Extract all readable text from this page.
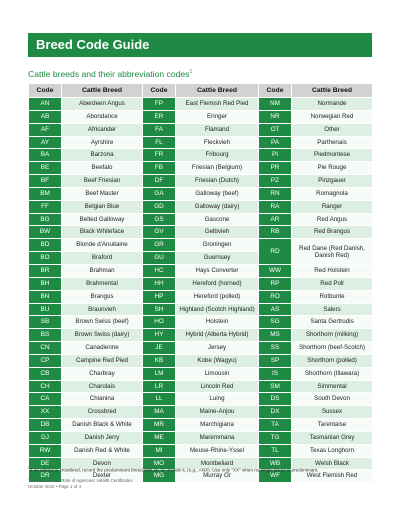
Breed Code Guide
Cattle breeds and their abbreviation codes$^1$
Code	Cattle Breed	Code	Cattle Breed	Code	Cattle Breed
AN	Aberdeen Angus	FP	East Flemish Red Pied	NM	Normande
AB	Abondance	ER	Eringer	NR	Norwegian Red
AF	Africander	FA	Flamand	OT	Other
AY	Ayrshire	FL	Fleckvieh	PA	Parthenais
BA	Barzona	FR	Fribourg	PI	Piedmontese
BE	Beefalo	FB	Friesian (Belgium)	PR	Pie Rouge
BF	Beef Friesian	DF	Friesian (Dutch)	PZ	Pinzgauer
BM	Beef Master	GA	Galloway (beef)	RN	Romagnola
FF	Belgian Blue	GD	Galloway (dairy)	RA	Ranger
BG	Belted Galloway	GS	Gascone	AR	Red Angus
BW	Black Whiteface	GV	Gelbvieh	RB	Red Brangus
BD	Blonde d'Anuitaine	GR	Groningen	RD	Red Dane (Red Danish, Danish Red)
BO	Braford	GU	Guernsey		
BR	Brahman	HC	Hays Converter	WW	Red Holstein
BH	Brahmental	HH	Hereford (horned)	RP	Red Poll
BN	Brangus	HP	Hereford (polled)	RO	Rotbunte
BU	Braunvieh	SH	Highland (Scotch Highland)	AS	Salers
SB	Brown Swiss (beef)	HO	Holstein	SG	Santa Gertrudis
BS	Brown Swiss (dairy)	HY	Hybrid (Alberta Hybrid)	MS	Shorthorn (milking)
CN	Canadienne	JE	Jersey	SS	Shorthorn (beef-Scotch)
CP	Campine Red Pied	KB	Kobe (Wagyu)	SP	Shorthorn (polled)
CB	Charbray	LM	Limousin	IS	Shorthorn (Illawara)
CH	Charolais	LR	Lincoln Red	SM	Simmental
CA	Chianina	LL	Luing	DS	South Devon
XX	Crossbred	MA	Maine-Anjou	DX	Sussex
DB	Danish Black & White	MR	Marchigiana	TA	Tarentaise
DJ	Danish Jerry	ME	Maremmana	TG	Tasmanian Grey
RW	Danish Red & White	MI	Meuse-Rhine-Yssel	TL	Texas Longhorn
DE	Devon	MO	Montbeliard	WB	Welsh Black
DR	Dexter	MG	Murray Gr	WF	West Flemish Red
$^1$If an animal is crossbred, record the predominant breed with an "X" beside it, (e.g., ANX). Use only "XX" when no single breed is predominant.
TAHC Module 2: Role of Agencies: Health Certificates
October 2010 • Page 1 of 4
